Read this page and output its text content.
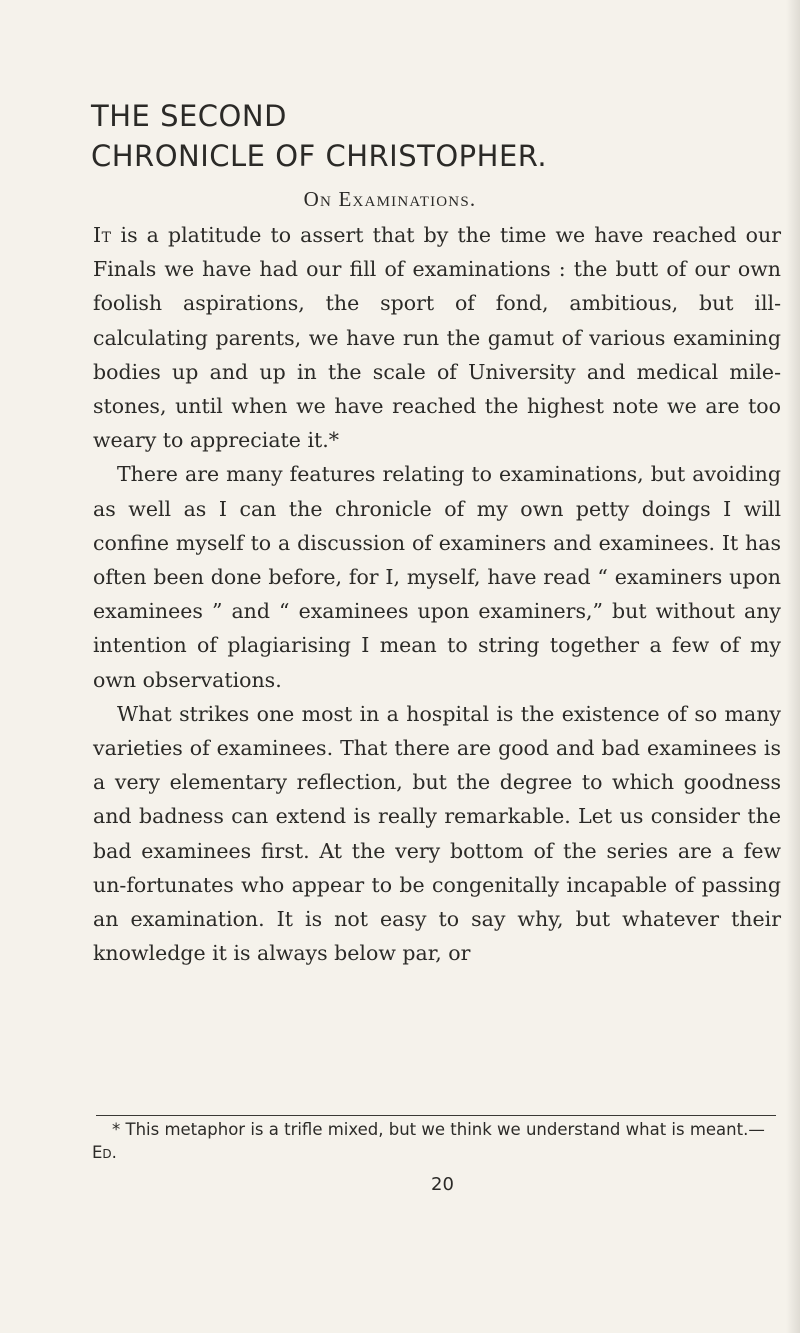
THE SECOND
CHRONICLE OF CHRISTOPHER.
On Examinations.

It is a platitude to assert that by the time we have reached our Finals we have had our fill of examinations : the butt of our own foolish aspirations, the sport of fond, ambitious, but ill-calculating parents, we have run the gamut of various examining bodies up and up in the scale of University and medical mile-stones, until when we have reached the highest note we are too weary to appreciate it.*

There are many features relating to examinations, but avoiding as well as I can the chronicle of my own petty doings I will confine myself to a discussion of examiners and examinees. It has often been done before, for I, myself, have read “ examiners upon examinees ” and “ examinees upon examiners,” but without any intention of plagiarising I mean to string together a few of my own observations.

What strikes one most in a hospital is the existence of so many varieties of examinees. That there are good and bad examinees is a very elementary reflection, but the degree to which goodness and badness can extend is really remarkable. Let us consider the bad examinees first. At the very bottom of the series are a few un-fortunates who appear to be congenitally incapable of passing an examination. It is not easy to say why, but whatever their knowledge it is always below par, or

* This metaphor is a trifle mixed, but we think we understand what is meant.—Ed.

20
